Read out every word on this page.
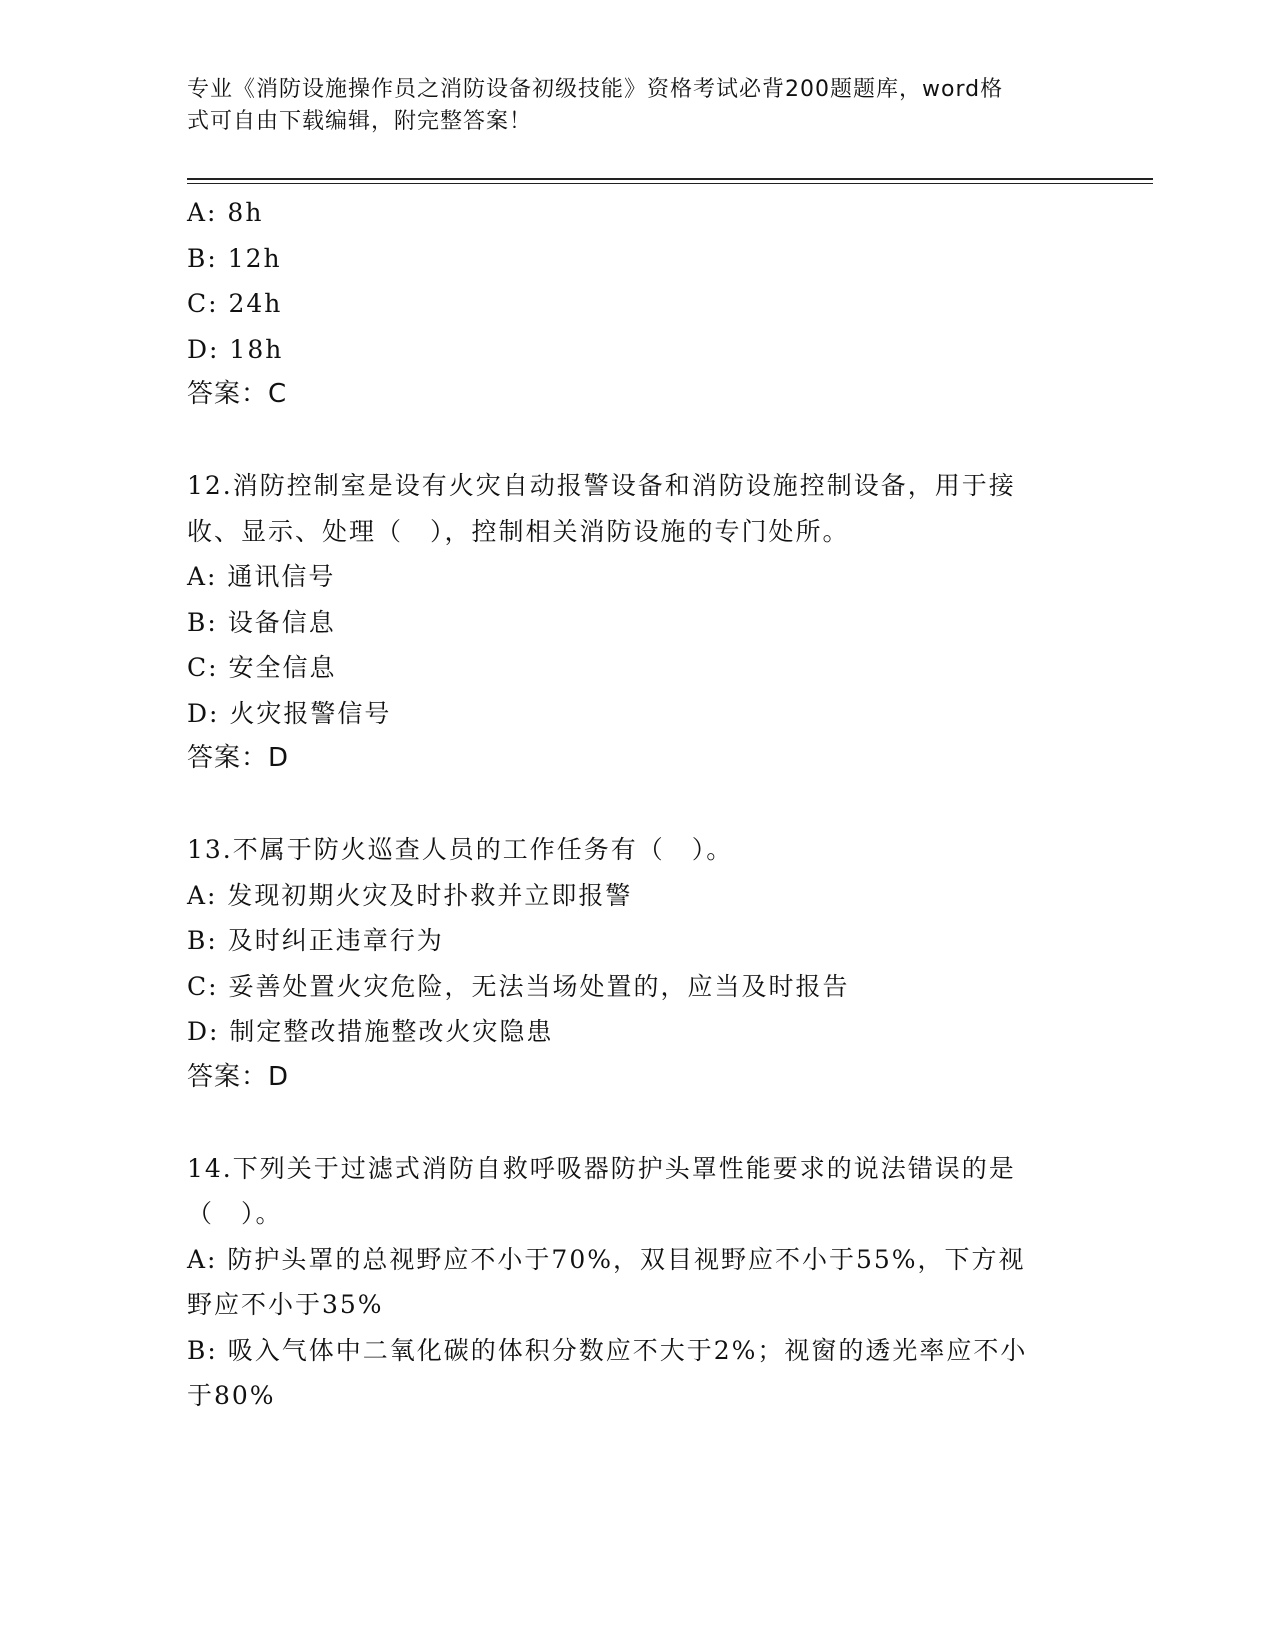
专业《消防设施操作员之消防设备初级技能》资格考试必背200题题库，word格
式可自由下载编辑，附完整答案！
A: 8h
B: 12h
C: 24h
D: 18h
答案：C
12.消防控制室是设有火灾自动报警设备和消防设施控制设备，用于接
收、显示、处理（　），控制相关消防设施的专门处所。
A: 通讯信号
B: 设备信息
C: 安全信息
D: 火灾报警信号
答案：D
13.不属于防火巡查人员的工作任务有（　）。
A: 发现初期火灾及时扑救并立即报警
B: 及时纠正违章行为
C: 妥善处置火灾危险，无法当场处置的，应当及时报告
D: 制定整改措施整改火灾隐患
答案：D
14.下列关于过滤式消防自救呼吸器防护头罩性能要求的说法错误的是
（　）。
A: 防护头罩的总视野应不小于70%，双目视野应不小于55%，下方视
野应不小于35%
B: 吸入气体中二氧化碳的体积分数应不大于2%；视窗的透光率应不小
于80%
